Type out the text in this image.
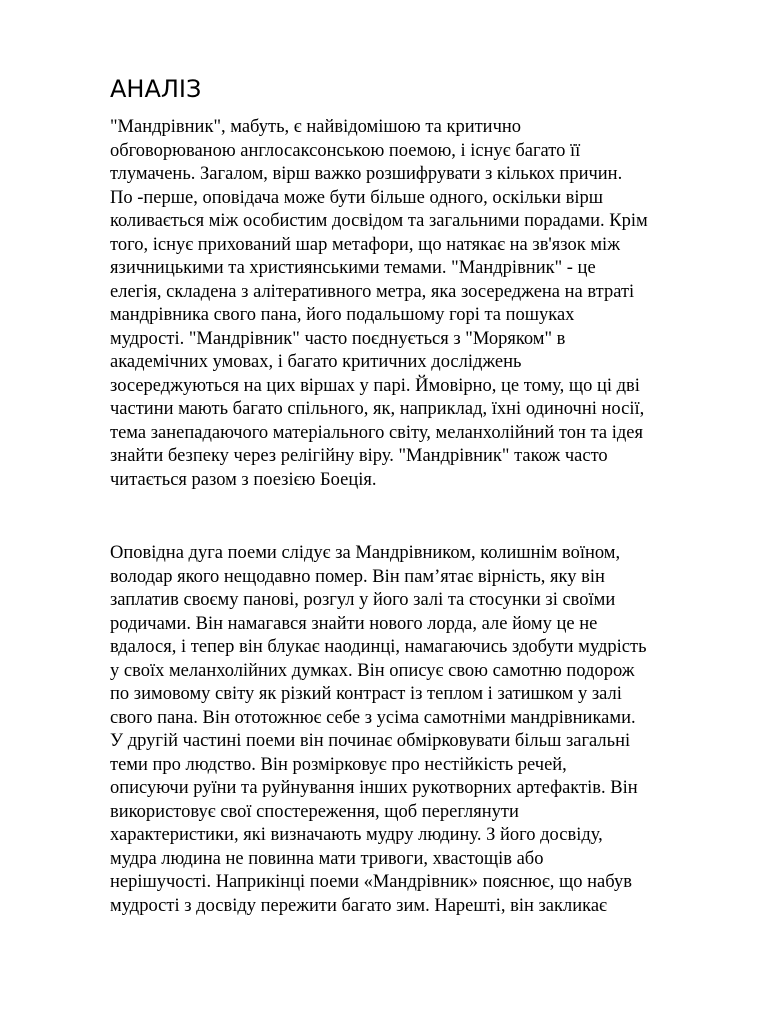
АНАЛІЗ
"Мандрівник", мабуть, є найвідомішою та критично
обговорюваною англосаксонською поемою, і існує багато її
тлумачень. Загалом, вірш важко розшифрувати з кількох причин.
По -перше, оповідача може бути більше одного, оскільки вірш
коливається між особистим досвідом та загальними порадами. Крім
того, існує прихований шар метафори, що натякає на зв'язок між
язичницькими та християнськими темами. "Мандрівник" - це
елегія, складена з алітеративного метра, яка зосереджена на втраті
мандрівника свого пана, його подальшому горі та пошуках
мудрості. "Мандрівник" часто поєднується з "Моряком" в
академічних умовах, і багато критичних досліджень
зосереджуються на цих віршах у парі. Ймовірно, це тому, що ці дві
частини мають багато спільного, як, наприклад, їхні одиночні носії,
тема занепадаючого матеріального світу, меланхолійний тон та ідея
знайти безпеку через релігійну віру. "Мандрівник" також часто
читається разом з поезією Боеція.
Оповідна дуга поеми слідує за Мандрівником, колишнім воїном,
володар якого нещодавно помер. Він пам’ятає вірність, яку він
заплатив своєму панові, розгул у його залі та стосунки зі своїми
родичами. Він намагався знайти нового лорда, але йому це не
вдалося, і тепер він блукає наодинці, намагаючись здобути мудрість
у своїх меланхолійних думках. Він описує свою самотню подорож
по зимовому світу як різкий контраст із теплом і затишком у залі
свого пана. Він ототожнює себе з усіма самотніми мандрівниками.
У другій частині поеми він починає обмірковувати більш загальні
теми про людство. Він розмірковує про нестійкість речей,
описуючи руїни та руйнування інших рукотворних артефактів. Він
використовує свої спостереження, щоб переглянути
характеристики, які визначають мудру людину. З його досвіду,
мудра людина не повинна мати тривоги, хвастощів або
нерішучості. Наприкінці поеми «Мандрівник» пояснює, що набув
мудрості з досвіду пережити багато зим. Нарешті, він закликає
